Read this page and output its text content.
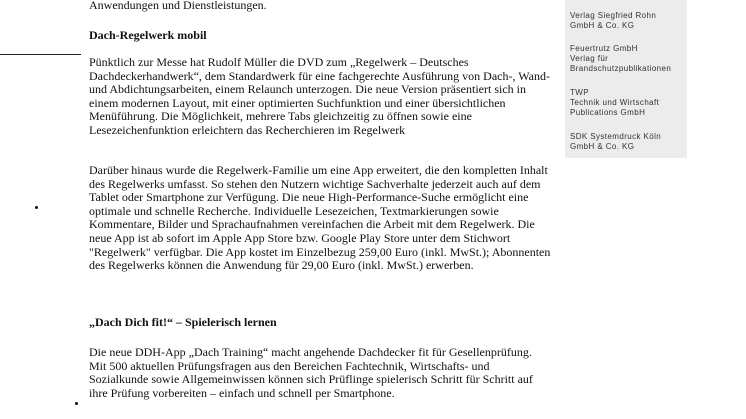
Anwendungen und Dienstleistungen.

Dach-Regelwerk mobil

Pünktlich zur Messe hat Rudolf Müller die DVD zum „Regelwerk – Deutsches Dachdeckerhandwerk“, dem Standardwerk für eine fachgerechte Ausführung von Dach-, Wand- und Abdichtungsarbeiten, einem Relaunch unterzogen. Die neue Version präsentiert sich in einem modernen Layout, mit einer optimierten Suchfunktion und einer übersichtlichen Menüführung. Die Möglichkeit, mehrere Tabs gleichzeitig zu öffnen sowie eine Lesezeichenfunktion erleichtern das Recherchieren im Regelwerk

Darüber hinaus wurde die Regelwerk-Familie um eine App erweitert, die den kompletten Inhalt des Regelwerks umfasst. So stehen den Nutzern wichtige Sachverhalte jederzeit auch auf dem Tablet oder Smartphone zur Verfügung. Die neue High-Performance-Suche ermöglicht eine optimale und schnelle Recherche. Individuelle Lesezeichen, Textmarkierungen sowie Kommentare, Bilder und Sprachaufnahmen vereinfachen die Arbeit mit dem Regelwerk. Die neue App ist ab sofort im Apple App Store bzw. Google Play Store unter dem Stichwort "Regelwerk" verfügbar. Die App kostet im Einzelbezug 259,00 Euro (inkl. MwSt.); Abonnenten des Regelwerks können die Anwendung für 29,00 Euro (inkl. MwSt.) erwerben.

„Dach Dich fit!“ – Spielerisch lernen

Die neue DDH-App „Dach Training“ macht angehende Dachdecker fit für Gesellenprüfung. Mit 500 aktuellen Prüfungsfragen aus den Bereichen Fachtechnik, Wirtschafts- und Sozialkunde sowie Allgemeinwissen können sich Prüflinge spielerisch Schritt für Schritt auf ihre Prüfung vorbereiten – einfach und schnell per Smartphone.

Verlag Siegfried Rohn
GmbH & Co. KG
Feuertrutz GmbH
Verlag für
Brandschutzpublikationen
TWP
Technik und Wirtschaft
Publications GmbH
SDK Systemdruck Köln
GmbH & Co. KG
